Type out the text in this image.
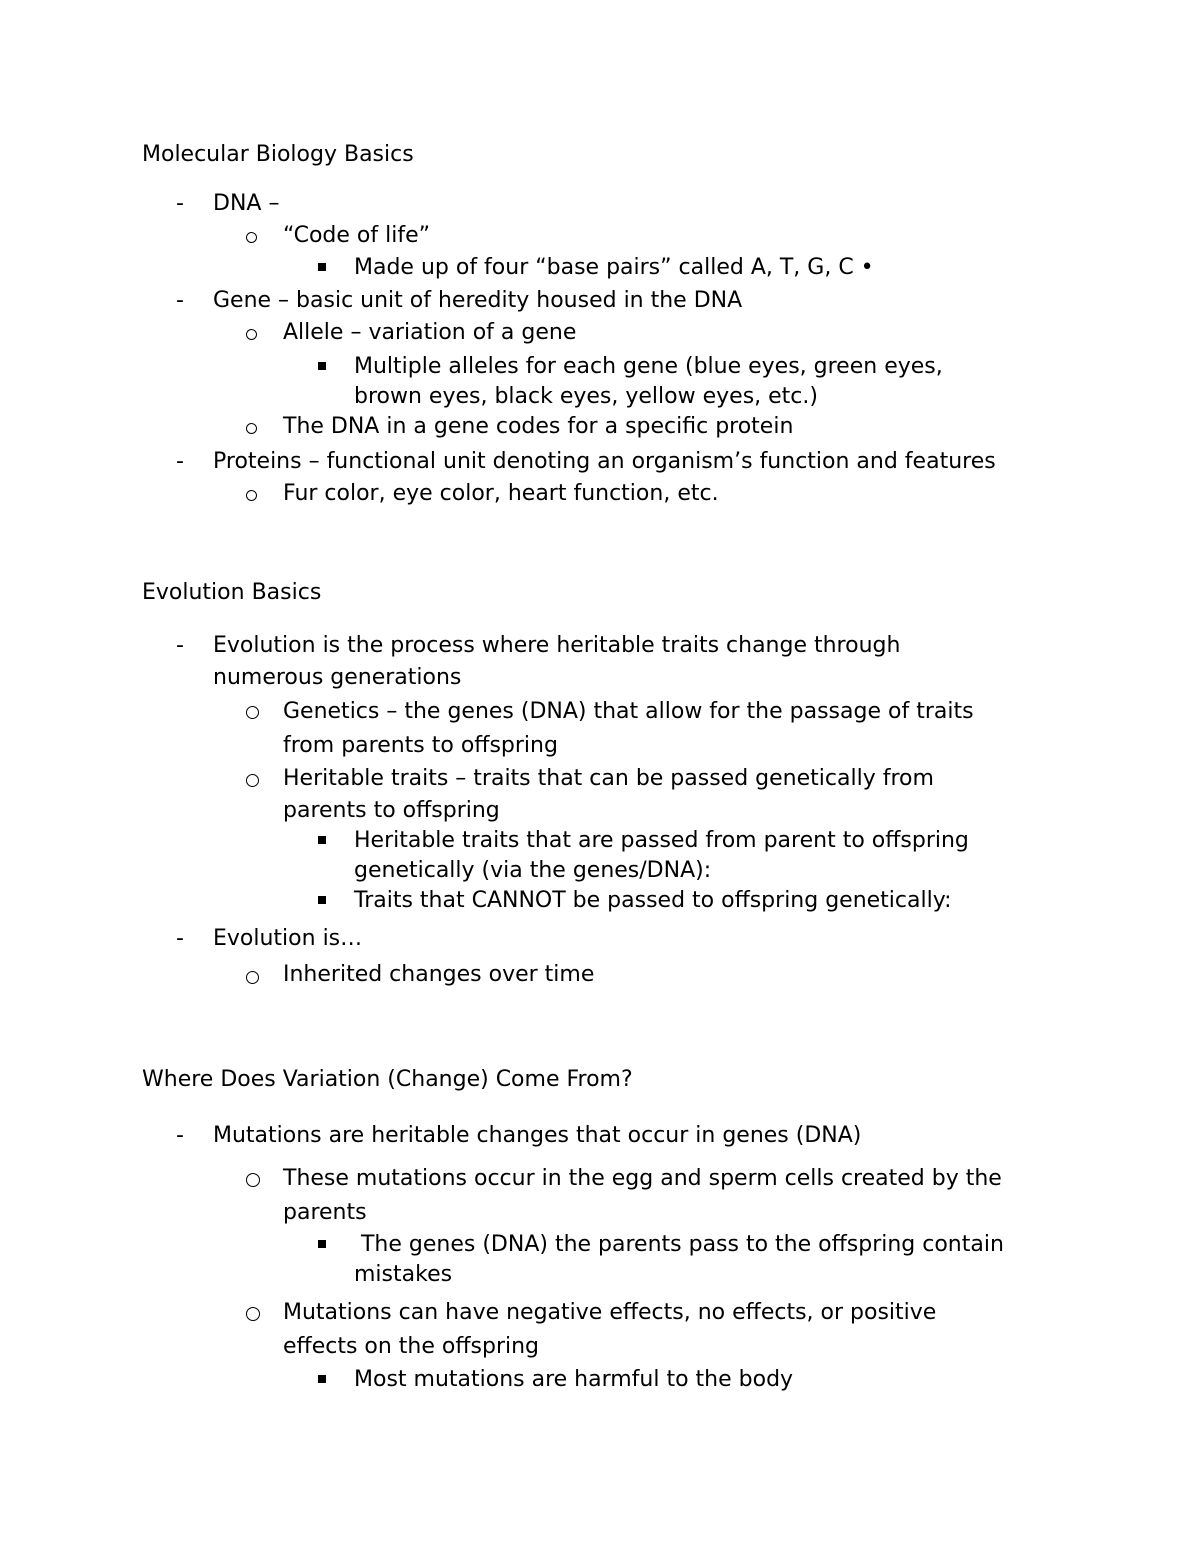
Molecular Biology Basics
- DNA –
“Code of life”
Made up of four “base pairs” called A, T, G, C •
- Gene – basic unit of heredity housed in the DNA
Allele – variation of a gene
Multiple alleles for each gene (blue eyes, green eyes,
brown eyes, black eyes, yellow eyes, etc.)
The DNA in a gene codes for a specific protein
- Proteins – functional unit denoting an organism’s function and features
Fur color, eye color, heart function, etc.
Evolution Basics
- Evolution is the process where heritable traits change through
numerous generations
Genetics – the genes (DNA) that allow for the passage of traits
from parents to offspring
Heritable traits – traits that can be passed genetically from
parents to offspring
Heritable traits that are passed from parent to offspring
genetically (via the genes/DNA):
Traits that CANNOT be passed to offspring genetically:
- Evolution is…
Inherited changes over time
Where Does Variation (Change) Come From?
- Mutations are heritable changes that occur in genes (DNA)
These mutations occur in the egg and sperm cells created by the
parents
The genes (DNA) the parents pass to the offspring contain
mistakes
Mutations can have negative effects, no effects, or positive
effects on the offspring
Most mutations are harmful to the body
